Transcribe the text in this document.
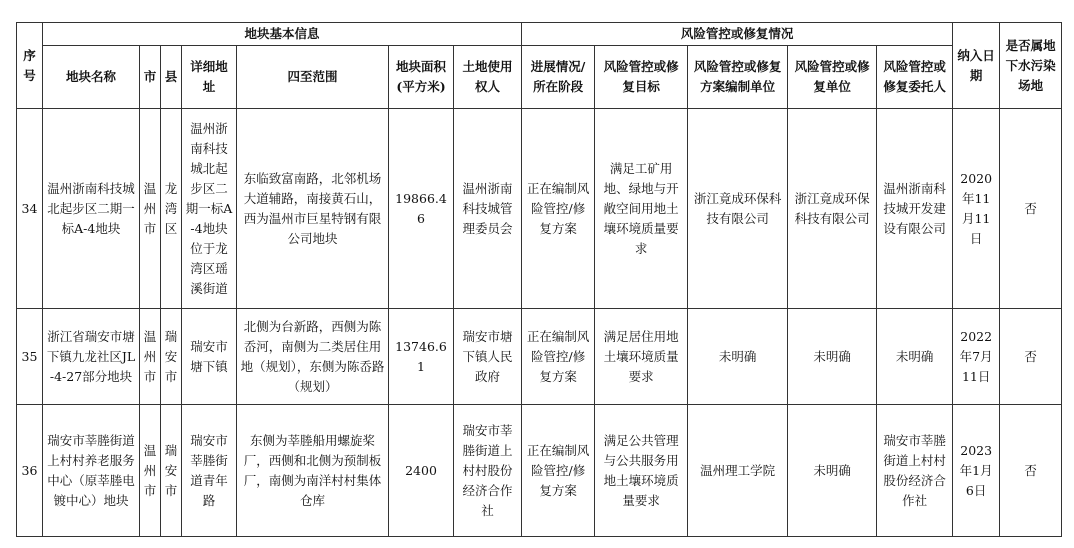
序号	地块基本信息							风险管控或修复情况					纳入日期	是否属地下水污染场地
	地块名称	市	县	详细地址	四至范围	地块面积(平方米)	土地使用权人	进展情况/所在阶段	风险管控或修复目标	风险管控或修复方案编制单位	风险管控或修复单位	风险管控或修复委托人		
34	温州浙南科技城北起步区二期一标A-4地块	温州市	龙湾区	温州浙南科技城北起步区二期一标A-4地块位于龙湾区瑶溪街道	东临致富南路，北邻机场大道辅路，南接黄石山，西为温州市巨星特钢有限公司地块	19866.46	温州浙南科技城管理委员会	正在编制风险管控/修复方案	满足工矿用地、绿地与开敞空间用地土壤环境质量要求	浙江竟成环保科技有限公司	浙江竟成环保科技有限公司	温州浙南科技城开发建设有限公司	2020年11月11日	否
35	浙江省瑞安市塘下镇九龙社区JL-4-27部分地块	温州市	瑞安市	瑞安市塘下镇	北侧为台新路，西侧为陈岙河，南侧为二类居住用地（规划），东侧为陈岙路（规划）	13746.61	瑞安市塘下镇人民政府	正在编制风险管控/修复方案	满足居住用地土壤环境质量要求	未明确	未明确	未明确	2022年7月11日	否
36	瑞安市莘塍街道上村村养老服务中心（原莘塍电镀中心）地块	温州市	瑞安市	瑞安市莘塍街道青年路	东侧为莘塍船用螺旋桨厂，西侧和北侧为预制板厂，南侧为南洋村村集体仓库	2400	瑞安市莘塍街道上村村股份经济合作社	正在编制风险管控/修复方案	满足公共管理与公共服务用地土壤环境质量要求	温州理工学院	未明确	瑞安市莘塍街道上村村股份经济合作社	2023年1月6日	否
